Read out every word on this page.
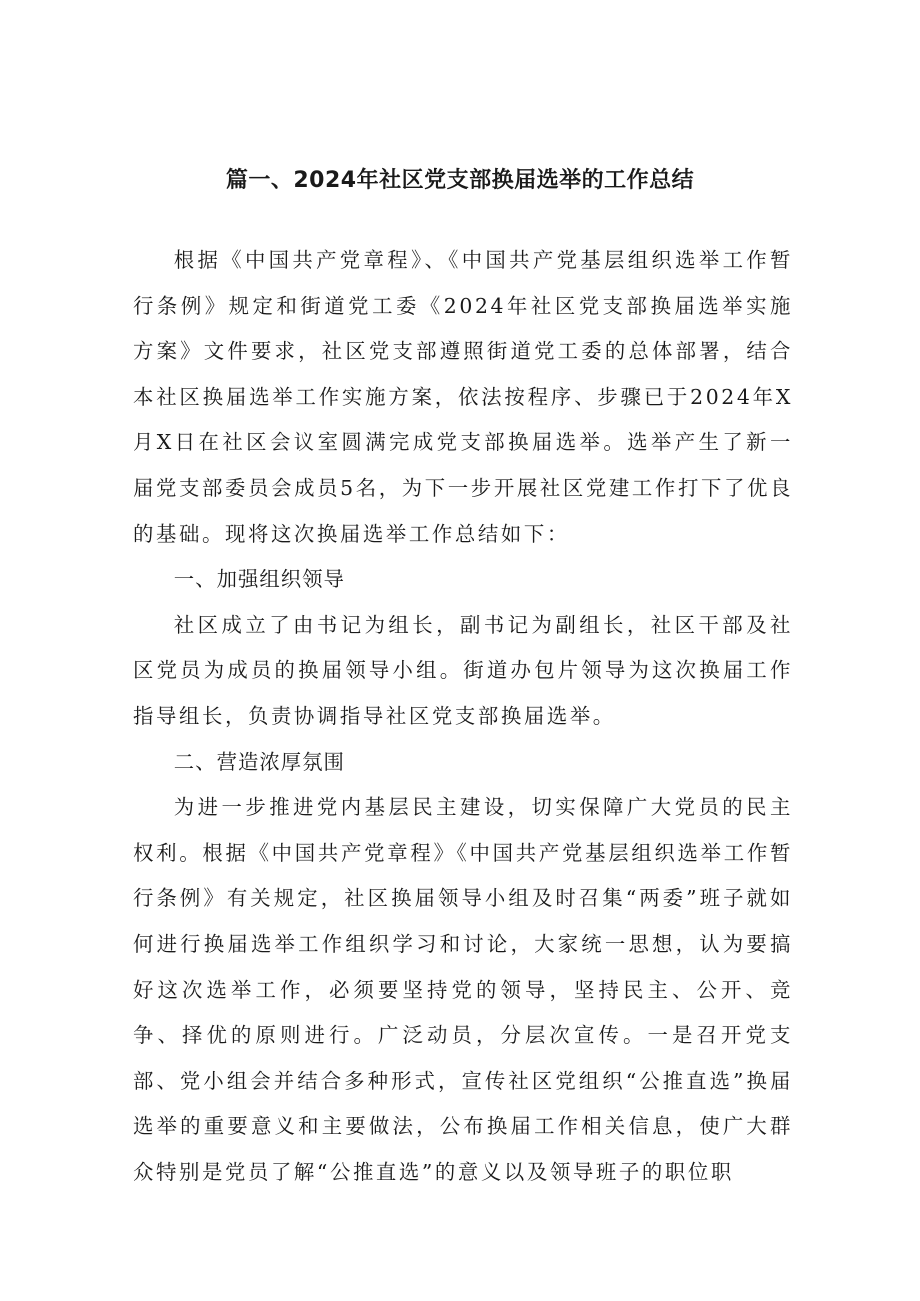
篇一、2024年社区党支部换届选举的工作总结

根据《中国共产党章程》、《中国共产党基层组织选举工作暂行条例》规定和街道党工委《2024年社区党支部换届选举实施方案》文件要求，社区党支部遵照街道党工委的总体部署，结合本社区换届选举工作实施方案，依法按程序、步骤已于2024年X月X日在社区会议室圆满完成党支部换届选举。选举产生了新一届党支部委员会成员5名，为下一步开展社区党建工作打下了优良的基础。现将这次换届选举工作总结如下：

一、加强组织领导

社区成立了由书记为组长，副书记为副组长，社区干部及社区党员为成员的换届领导小组。街道办包片领导为这次换届工作指导组长，负责协调指导社区党支部换届选举。

二、营造浓厚氛围

为进一步推进党内基层民主建设，切实保障广大党员的民主权利。根据《中国共产党章程》《中国共产党基层组织选举工作暂行条例》有关规定，社区换届领导小组及时召集“两委”班子就如何进行换届选举工作组织学习和讨论，大家统一思想，认为要搞好这次选举工作，必须要坚持党的领导，坚持民主、公开、竞争、择优的原则进行。广泛动员，分层次宣传。一是召开党支部、党小组会并结合多种形式，宣传社区党组织“公推直选”换届选举的重要意义和主要做法，公布换届工作相关信息，使广大群众特别是党员了解“公推直选”的意义以及领导班子的职位职
